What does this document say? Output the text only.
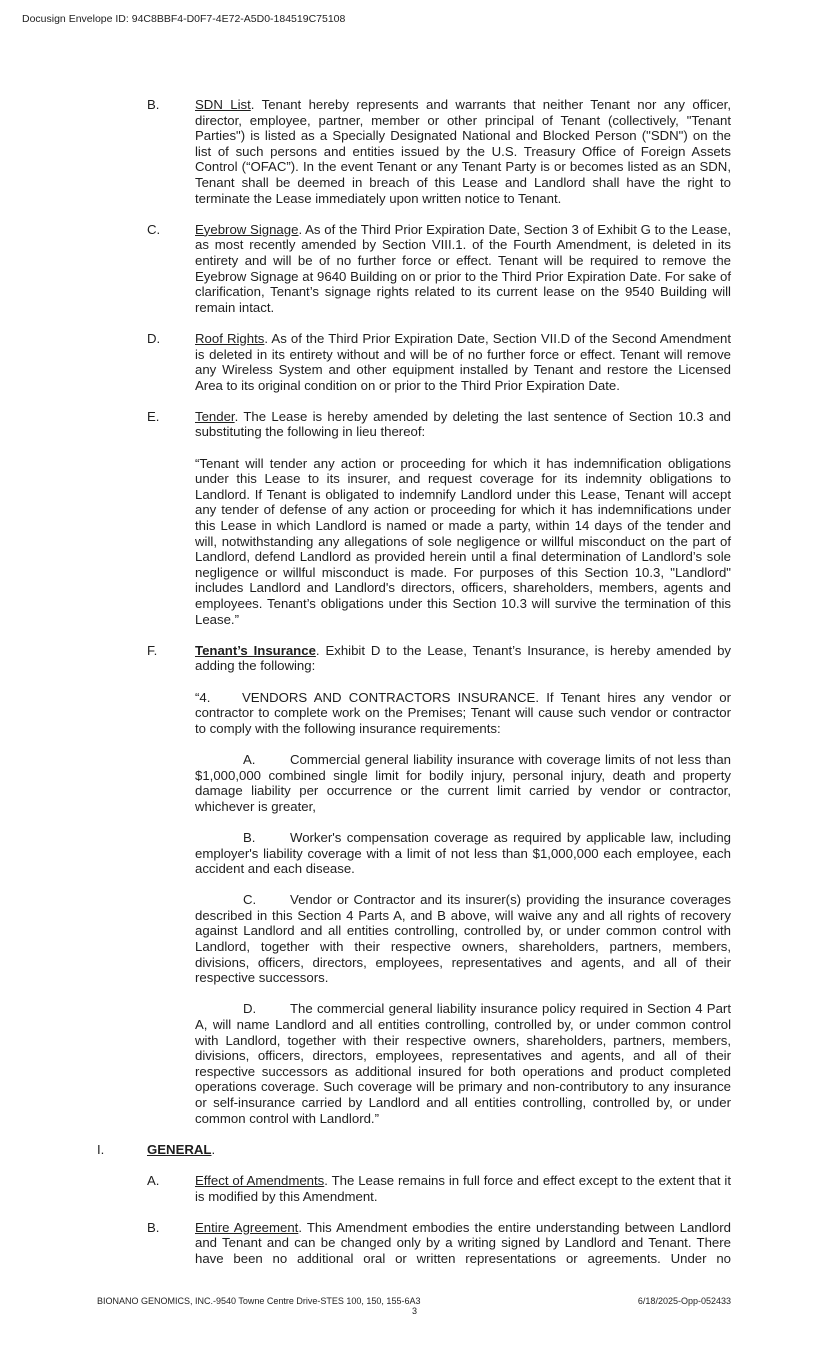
Docusign Envelope ID: 94C8BBF4-D0F7-4E72-A5D0-184519C75108
B.	SDN List. Tenant hereby represents and warrants that neither Tenant nor any officer, director, employee, partner, member or other principal of Tenant (collectively, "Tenant Parties") is listed as a Specially Designated National and Blocked Person ("SDN") on the list of such persons and entities issued by the U.S. Treasury Office of Foreign Assets Control (“OFAC”). In the event Tenant or any Tenant Party is or becomes listed as an SDN, Tenant shall be deemed in breach of this Lease and Landlord shall have the right to terminate the Lease immediately upon written notice to Tenant.
C.	Eyebrow Signage. As of the Third Prior Expiration Date, Section 3 of Exhibit G to the Lease, as most recently amended by Section VIII.1. of the Fourth Amendment, is deleted in its entirety and will be of no further force or effect. Tenant will be required to remove the Eyebrow Signage at 9640 Building on or prior to the Third Prior Expiration Date. For sake of clarification, Tenant’s signage rights related to its current lease on the 9540 Building will remain intact.
D.	Roof Rights. As of the Third Prior Expiration Date, Section VII.D of the Second Amendment is deleted in its entirety without and will be of no further force or effect. Tenant will remove any Wireless System and other equipment installed by Tenant and restore the Licensed Area to its original condition on or prior to the Third Prior Expiration Date.
E.	Tender. The Lease is hereby amended by deleting the last sentence of Section 10.3 and substituting the following in lieu thereof:

“Tenant will tender any action or proceeding for which it has indemnification obligations under this Lease to its insurer, and request coverage for its indemnity obligations to Landlord. If Tenant is obligated to indemnify Landlord under this Lease, Tenant will accept any tender of defense of any action or proceeding for which it has indemnifications under this Lease in which Landlord is named or made a party, within 14 days of the tender and will, notwithstanding any allegations of sole negligence or willful misconduct on the part of Landlord, defend Landlord as provided herein until a final determination of Landlord’s sole negligence or willful misconduct is made. For purposes of this Section 10.3, "Landlord" includes Landlord and Landlord's directors, officers, shareholders, members, agents and employees. Tenant’s obligations under this Section 10.3 will survive the termination of this Lease.”

F.	Tenant’s Insurance. Exhibit D to the Lease, Tenant’s Insurance, is hereby amended by adding the following:

“4. VENDORS AND CONTRACTORS INSURANCE. If Tenant hires any vendor or contractor to complete work on the Premises; Tenant will cause such vendor or contractor to comply with the following insurance requirements:

A.	Commercial general liability insurance with coverage limits of not less than $1,000,000 combined single limit for bodily injury, personal injury, death and property damage liability per occurrence or the current limit carried by vendor or contractor, whichever is greater,

B.	Worker's compensation coverage as required by applicable law, including employer's liability coverage with a limit of not less than $1,000,000 each employee, each accident and each disease.

C.	Vendor or Contractor and its insurer(s) providing the insurance coverages described in this Section 4 Parts A, and B above, will waive any and all rights of recovery against Landlord and all entities controlling, controlled by, or under common control with Landlord, together with their respective owners, shareholders, partners, members, divisions, officers, directors, employees, representatives and agents, and all of their respective successors.

D.	The commercial general liability insurance policy required in Section 4 Part A, will name Landlord and all entities controlling, controlled by, or under common control with Landlord, together with their respective owners, shareholders, partners, members, divisions, officers, directors, employees, representatives and agents, and all of their respective successors as additional insured for both operations and product completed operations coverage. Such coverage will be primary and non-contributory to any insurance or self-insurance carried by Landlord and all entities controlling, controlled by, or under common control with Landlord.”

I.	GENERAL.
A.	Effect of Amendments. The Lease remains in full force and effect except to the extent that it is modified by this Amendment.
B.	Entire Agreement. This Amendment embodies the entire understanding between Landlord and Tenant and can be changed only by a writing signed by Landlord and Tenant. There have been no additional oral or written representations or agreements. Under no
BIONANO GENOMICS, INC.-9540 Towne Centre Drive-STES 100, 150, 155-6A3	6/18/2025-Opp-052433
3
